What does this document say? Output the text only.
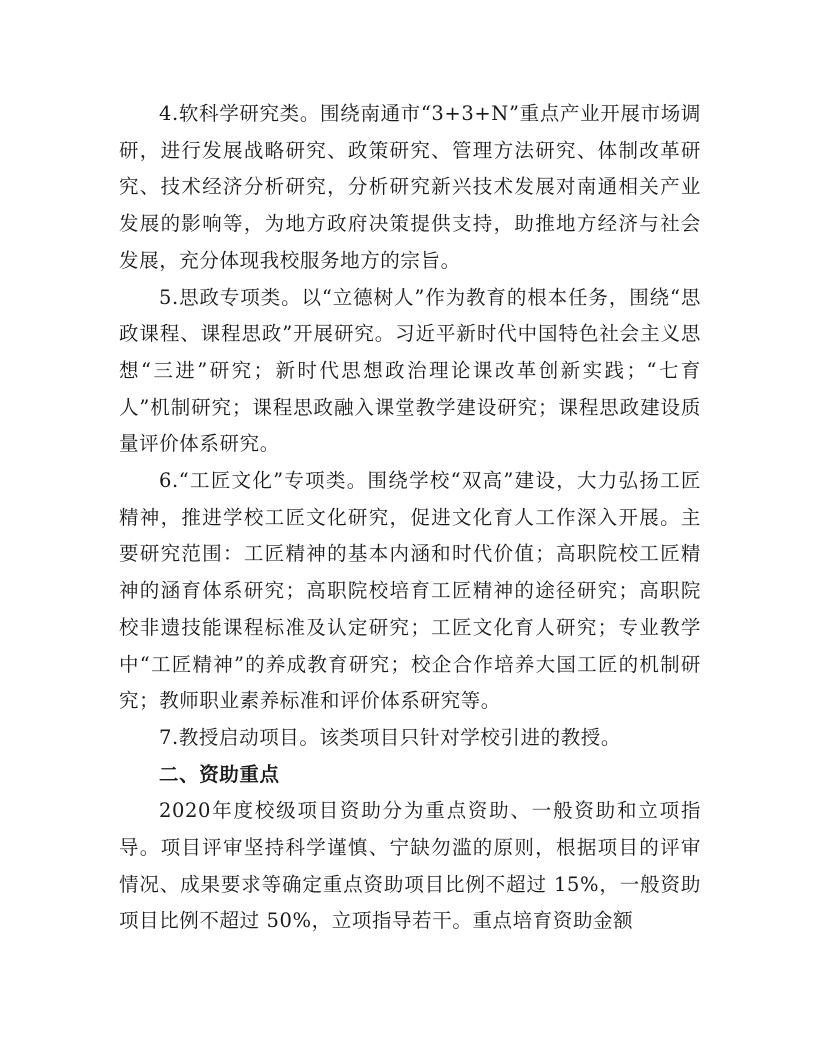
4.软科学研究类。围绕南通市“3+3+N”重点产业开展市场调研，进行发展战略研究、政策研究、管理方法研究、体制改革研究、技术经济分析研究，分析研究新兴技术发展对南通相关产业发展的影响等，为地方政府决策提供支持，助推地方经济与社会发展，充分体现我校服务地方的宗旨。

5.思政专项类。以“立德树人”作为教育的根本任务，围绕“思政课程、课程思政”开展研究。习近平新时代中国特色社会主义思想“三进”研究；新时代思想政治理论课改革创新实践；“七育人”机制研究；课程思政融入课堂教学建设研究；课程思政建设质量评价体系研究。

6.“工匠文化”专项类。围绕学校“双高”建设，大力弘扬工匠精神，推进学校工匠文化研究，促进文化育人工作深入开展。主要研究范围：工匠精神的基本内涵和时代价值；高职院校工匠精神的涵育体系研究；高职院校培育工匠精神的途径研究；高职院校非遗技能课程标准及认定研究；工匠文化育人研究；专业教学中“工匠精神”的养成教育研究；校企合作培养大国工匠的机制研究；教师职业素养标准和评价体系研究等。

7.教授启动项目。该类项目只针对学校引进的教授。

二、资助重点

2020年度校级项目资助分为重点资助、一般资助和立项指导。项目评审坚持科学谨慎、宁缺勿滥的原则，根据项目的评审情况、成果要求等确定重点资助项目比例不超过 15%，一般资助项目比例不超过 50%，立项指导若干。重点培育资助金额
